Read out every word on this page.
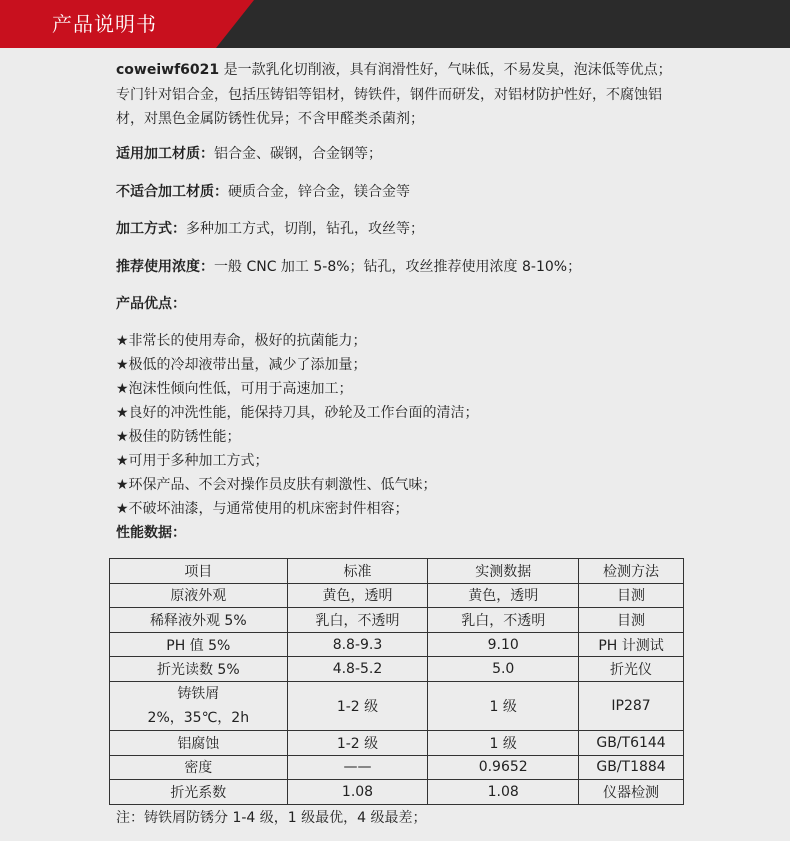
产品说明书

coweiwf6021 是一款乳化切削液，具有润滑性好，气味低，不易发臭，泡沫低等优点；
专门针对铝合金，包括压铸铝等铝材，铸铁件，钢件而研发，对铝材防护性好，不腐蚀铝
材，对黑色金属防锈性优异；不含甲醛类杀菌剂；

适用加工材质：铝合金、碳钢，合金钢等；
不适合加工材质：硬质合金，锌合金，镁合金等
加工方式：多种加工方式，切削，钻孔，攻丝等；
推荐使用浓度：一般 CNC 加工 5-8%；钻孔，攻丝推荐使用浓度 8-10%；
产品优点：
★非常长的使用寿命，极好的抗菌能力；
★极低的冷却液带出量，减少了添加量；
★泡沫性倾向性低，可用于高速加工；
★良好的冲洗性能，能保持刀具，砂轮及工作台面的清洁；
★极佳的防锈性能；
★可用于多种加工方式；
★环保产品、不会对操作员皮肤有刺激性、低气味；
★不破坏油漆，与通常使用的机床密封件相容；
性能数据：
项目	标准	实测数据	检测方法
原液外观	黄色，透明	黄色，透明	目测
稀释液外观 5%	乳白，不透明	乳白，不透明	目测
PH 值 5%	8.8-9.3	9.10	PH 计测试
折光读数 5%	4.8-5.2	5.0	折光仪
铸铁屑
2%，35℃，2h	1-2 级	1 级	IP287
铝腐蚀	1-2 级	1 级	GB/T6144
密度	——	0.9652	GB/T1884
折光系数	1.08	1.08	仪器检测
注：铸铁屑防锈分 1-4 级，1 级最优，4 级最差；
